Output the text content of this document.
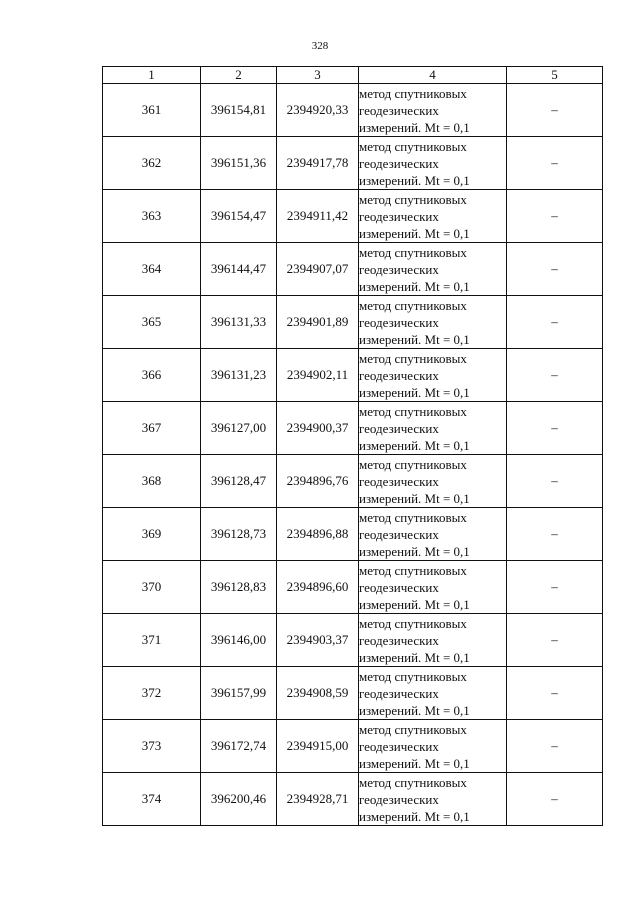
328
1	2	3	4	5
361	396154,81	2394920,33	метод спутниковых
геодезических
измерений. Mt = 0,1	–
362	396151,36	2394917,78	метод спутниковых
геодезических
измерений. Mt = 0,1	–
363	396154,47	2394911,42	метод спутниковых
геодезических
измерений. Mt = 0,1	–
364	396144,47	2394907,07	метод спутниковых
геодезических
измерений. Mt = 0,1	–
365	396131,33	2394901,89	метод спутниковых
геодезических
измерений. Mt = 0,1	–
366	396131,23	2394902,11	метод спутниковых
геодезических
измерений. Mt = 0,1	–
367	396127,00	2394900,37	метод спутниковых
геодезических
измерений. Mt = 0,1	–
368	396128,47	2394896,76	метод спутниковых
геодезических
измерений. Mt = 0,1	–
369	396128,73	2394896,88	метод спутниковых
геодезических
измерений. Mt = 0,1	–
370	396128,83	2394896,60	метод спутниковых
геодезических
измерений. Mt = 0,1	–
371	396146,00	2394903,37	метод спутниковых
геодезических
измерений. Mt = 0,1	–
372	396157,99	2394908,59	метод спутниковых
геодезических
измерений. Mt = 0,1	–
373	396172,74	2394915,00	метод спутниковых
геодезических
измерений. Mt = 0,1	–
374	396200,46	2394928,71	метод спутниковых
геодезических
измерений. Mt = 0,1	–
